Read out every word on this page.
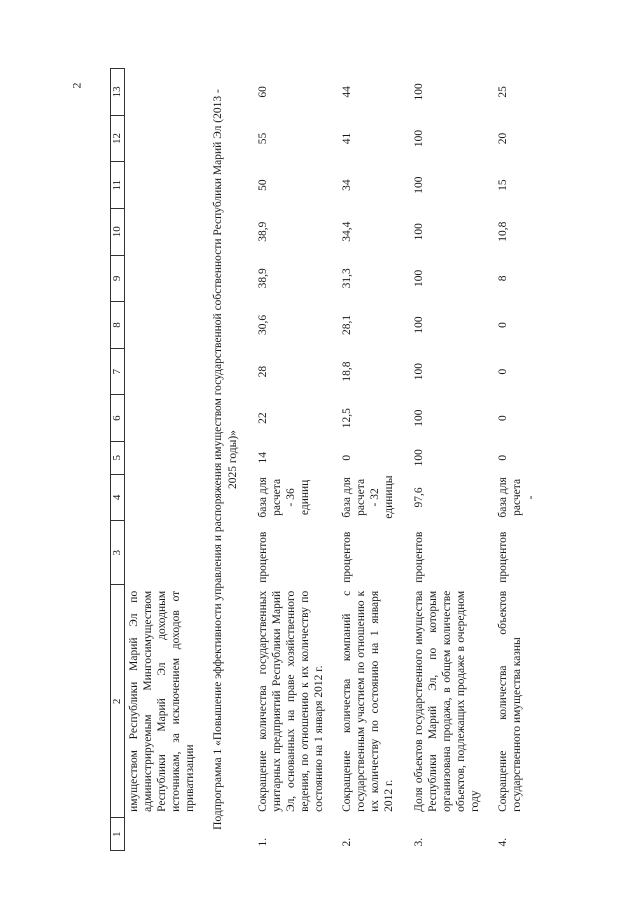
2
1	2	3	4	5	6	7	8	9	10	11	12	13
	имуществом Республики Марий Эл по администрируемым Мингосимуществом Республики Марий Эл доходным источникам, за исключением доходов от приватизации											
Подпрограмма 1 «Повышение эффективности управления и распоряжения имуществом государственной собственности Республики Марий Эл (2013 - 2025 годы)»												
1.	Сокращение количества государственных унитарных предприятий Республики Марий Эл, основанных на праве хозяйственного ведения, по отношению к их количеству по состоянию на 1 января 2012 г.	процентов	база для расчета - 36 единиц	14	22	28	30,6	38,9	38,9	50	55	60
2.	Сокращение количества компаний с государственным участием по отношению к их количеству по состоянию на 1 января 2012 г.	процентов	база для расчета - 32 единицы	0	12,5	18,8	28,1	31,3	34,4	34	41	44
3.	Доля объектов государственного имущества Республики Марий Эл, по которым организована продажа, в общем количестве объектов, подлежащих продаже в очередном году	процентов	97,6	100	100	100	100	100	100	100	100	100
4.	Сокращение количества объектов государственного имущества казны	процентов	база для расчета -	0	0	0	0	8	10,8	15	20	25
